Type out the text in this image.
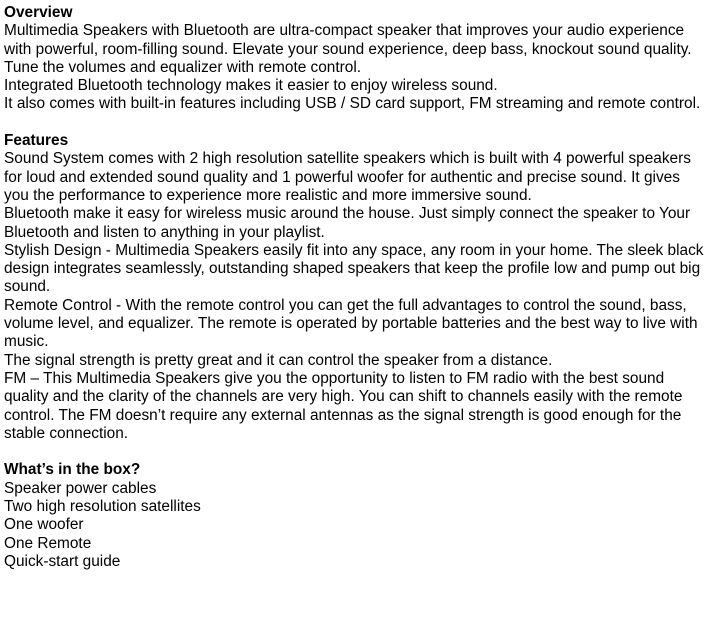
Overview
Multimedia Speakers with Bluetooth are ultra-compact speaker that improves your audio experience with powerful, room-filling sound. Elevate your sound experience, deep bass, knockout sound quality.
Tune the volumes and equalizer with remote control.
Integrated Bluetooth technology makes it easier to enjoy wireless sound.
It also comes with built-in features including USB / SD card support, FM streaming and remote control.
Features
Sound System comes with 2 high resolution satellite speakers which is built with 4 powerful speakers for loud and extended sound quality and 1 powerful woofer for authentic and precise sound. It gives you the performance to experience more realistic and more immersive sound.
Bluetooth make it easy for wireless music around the house. Just simply connect the speaker to Your Bluetooth and listen to anything in your playlist.
Stylish Design - Multimedia Speakers easily fit into any space, any room in your home. The sleek black design integrates seamlessly, outstanding shaped speakers that keep the profile low and pump out big sound.
Remote Control - With the remote control you can get the full advantages to control the sound, bass, volume level, and equalizer. The remote is operated by portable batteries and the best way to live with music.
The signal strength is pretty great and it can control the speaker from a distance.
FM – This Multimedia Speakers give you the opportunity to listen to FM radio with the best sound quality and the clarity of the channels are very high. You can shift to channels easily with the remote control. The FM doesn’t require any external antennas as the signal strength is good enough for the stable connection.
What’s in the box?
Speaker power cables
Two high resolution satellites
One woofer
One Remote
Quick-start guide
